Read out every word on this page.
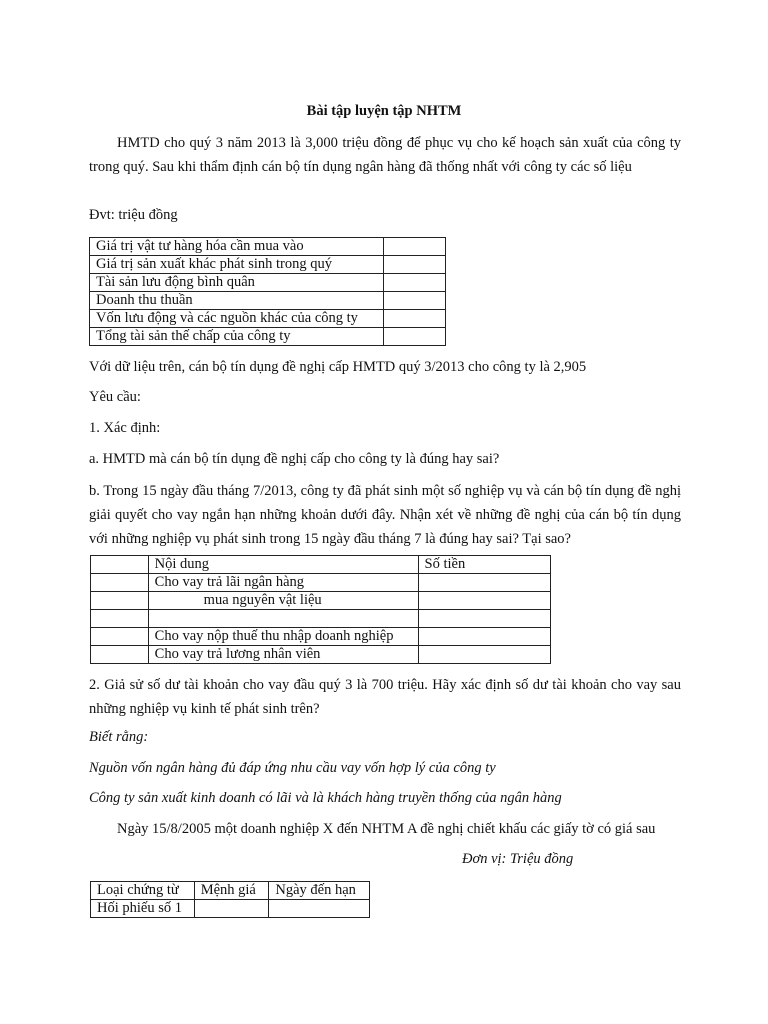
Bài tập luyện tập NHTM
HMTD cho quý 3 năm 2013 là 3,000 triệu đồng để phục vụ cho kế hoạch sản xuất của công ty trong quý. Sau khi thẩm định cán bộ tín dụng ngân hàng đã thống nhất với công ty các số liệu
Đvt: triệu đồng
Giá trị vật tư hàng hóa cần mua vào	
Giá trị sản xuất khác phát sinh trong quý	
Tài sản lưu động bình quân	
Doanh thu thuần	
Vốn lưu động và các nguồn khác của công ty	
Tổng tài sản thế chấp của công ty	
Với dữ liệu trên, cán bộ tín dụng đề nghị cấp HMTD quý 3/2013 cho công ty là 2,905
Yêu cầu:
1. Xác định:
a. HMTD mà cán bộ tín dụng đề nghị cấp cho công ty là đúng hay sai?
b. Trong 15 ngày đầu tháng 7/2013, công ty đã phát sinh một số nghiệp vụ và cán bộ tín dụng đề nghị giải quyết cho vay ngắn hạn những khoản dưới đây. Nhận xét về những đề nghị của cán bộ tín dụng với những nghiệp vụ phát sinh trong 15 ngày đầu tháng 7 là đúng hay sai? Tại sao?
	Nội dung	Số tiền
	Cho vay trả lãi ngân hàng	
	mua nguyên vật liệu	

	Cho vay nộp thuế thu nhập doanh nghiệp	
	Cho vay trả lương nhân viên	
2. Giả sử số dư tài khoản cho vay đầu quý 3 là 700 triệu. Hãy xác định số dư tài khoản cho vay sau những nghiệp vụ kinh tế phát sinh trên?
Biết rằng:
Nguồn vốn ngân hàng đủ đáp ứng nhu cầu vay vốn hợp lý của công ty
Công ty sản xuất kinh doanh có lãi và là khách hàng truyền thống của ngân hàng
Ngày 15/8/2005 một doanh nghiệp X đến NHTM A đề nghị chiết khấu các giấy tờ có giá sau
Đơn vị: Triệu đồng
Loại chứng từ	Mệnh giá	Ngày đến hạn
Hối phiếu số 1		
